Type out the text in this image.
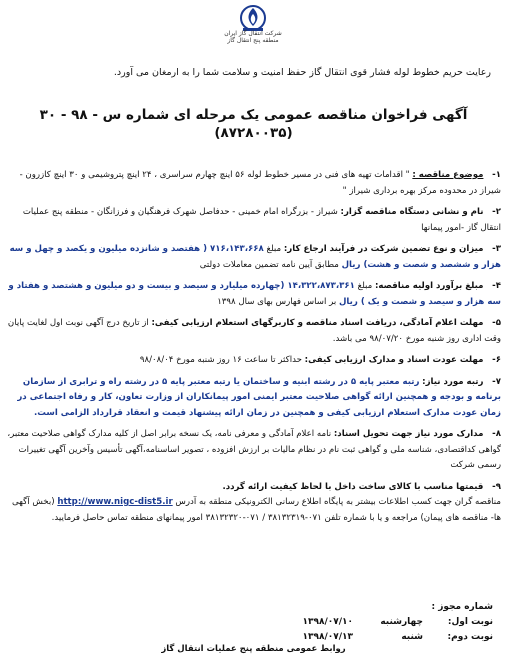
شرکت انتقال گاز ایران
منطقه پنج انتقال گاز
رعایت حریم خطوط لوله فشار قوی انتقال گاز حفظ امنیت و سلامت شما را به ارمغان می آورد.
آگهی فراخوان مناقصه عمومی یک مرحله ای شماره س - ۹۸ - ۳۰
(۸۷۲۸۰۰۳۵)
۱- موضوع مناقصه : " اقدامات تهیه های فنی در مسیر خطوط لوله ۵۶ اینچ چهارم سراسری ، ۲۴ اینچ پتروشیمی و ۳۰ اینچ کازرون - شیراز در محدوده مرکز بهره برداری شیراز "
۲- نام و نشانی دستگاه مناقصه گزار: شیراز - بزرگراه امام خمینی - حدفاصل شهرک فرهنگیان و فرزانگان - منطقه پنج عملیات انتقال گاز -امور پیمانها
۳- میزان و نوع تضمین شرکت در فرآیند ارجاع کار: مبلغ ۷۱۶،۱۴۳،۶۶۸ ( هفتصد و شانزده میلیون و یکصد و چهل و سه هزار و ششصد و شصت و هشت) ریال مطابق آیین نامه تضمین معاملات دولتی
۴- مبلغ برآورد اولیه مناقصه: مبلغ ۱۴،۳۲۲،۸۷۳،۳۶۱ (چهارده میلیارد و سیصد و بیست و دو میلیون و هشتصد و هفتاد و سه هزار و سیصد و شصت و یک ) ریال بر اساس فهارس بهای سال ۱۳۹۸
۵- مهلت اعلام آمادگی، دریافت اسناد مناقصه و کاربرگهای استعلام ارزیابی کیفی: از تاریخ درج آگهی نوبت اول لغایت پایان وقت اداری روز شنبه مورخ ۹۸/۰۷/۲۰ می باشد.
۶- مهلت عودت اسناد و مدارک ارزیابی کیفی: حداکثر تا ساعت ۱۶ روز شنبه مورخ ۹۸/۰۸/۰۴
۷- رتبه مورد نیاز: رتبه معتبر پایه ۵ در رشته ابنیه و ساختمان یا رتبه معتبر پایه ۵ در رشته راه و ترابری از سازمان برنامه و بودجه و همچنین ارائه گواهی صلاحیت معتبر ایمنی امور پیمانکاران از وزارت تعاون، کار و رفاه اجتماعی در زمان عودت مدارک استعلام ارزیابی کیفی و همچنین در زمان ارائه پیشنهاد قیمت و انعقاد قرارداد الزامی است.
۸- مدارک مورد نیاز جهت تحویل اسناد: نامه اعلام آمادگی و معرفی نامه، یک نسخه برابر اصل از کلیه مدارک گواهی صلاحیت معتبر، گواهی کداقتصادی، شناسه ملی و گواهی ثبت نام در نظام مالیات بر ارزش افزوده ، تصویر اساسنامه،آگهی تأسیس وآخرین آگهی تغییرات رسمی شرکت
۹- قیمتها مناسب با کالای ساخت داخل با لحاظ کیفیت ارائه گردد.
مناقصه گران جهت کسب اطلاعات بیشتر به پایگاه اطلاع رسانی الکترونیکی منطقه به آدرس http://www.nigc-dist5.ir (بخش آگهی ها- مناقصه های پیمان) مراجعه و یا با شماره تلفن ۰۷۱-۳۸۱۳۲۳۱۹ / ۰۷۱-۳۸۱۳۲۳۲۰ امور پیمانهای منطقه تماس حاصل فرمایید.
شماره مجوز :
نوبت اول:
چهارشنبه
۱۳۹۸/۰۷/۱۰
نوبت دوم:
شنبه
۱۳۹۸/۰۷/۱۳
روابط عمومی منطقه پنج عملیات انتقال گاز
